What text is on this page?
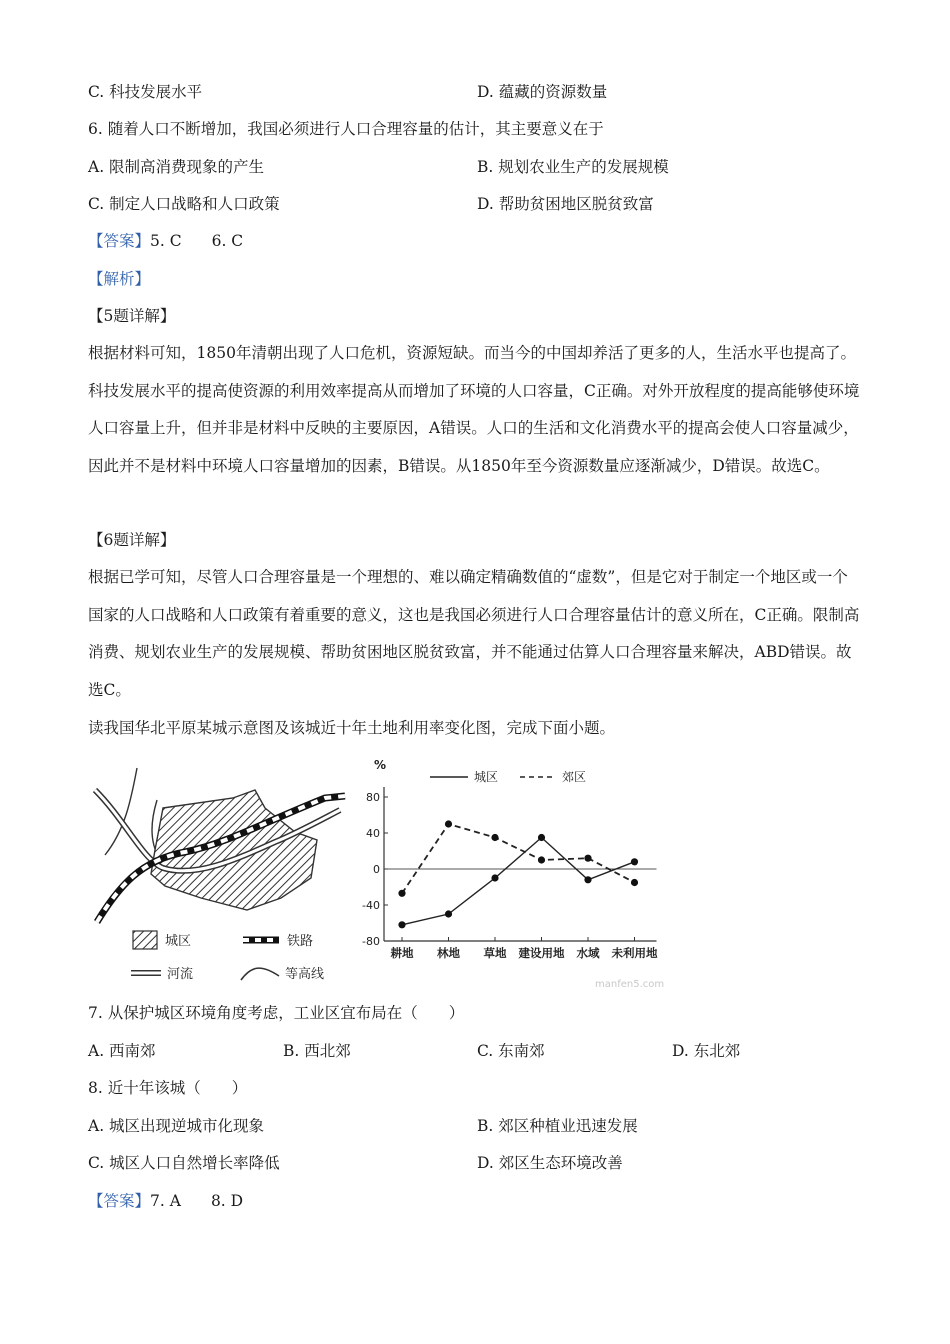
C. 科技发展水平	D. 蕴藏的资源数量
6. 随着人口不断增加，我国必须进行人口合理容量的估计，其主要意义在于
A. 限制高消费现象的产生	B. 规划农业生产的发展规模
C. 制定人口战略和人口政策	D. 帮助贫困地区脱贫致富
【答案】5. C 6. C
【解析】
【5题详解】
根据材料可知，1850年清朝出现了人口危机，资源短缺。而当今的中国却养活了更多的人，生活水平也提高了。科技发展水平的提高使资源的利用效率提高从而增加了环境的人口容量，C正确。对外开放程度的提高能够使环境人口容量上升，但并非是材料中反映的主要原因，A错误。人口的生活和文化消费水平的提高会使人口容量减少，因此并不是材料中环境人口容量增加的因素，B错误。从1850年至今资源数量应逐渐减少，D错误。故选C。
【6题详解】
根据已学可知，尽管人口合理容量是一个理想的、难以确定精确数值的“虚数”，但是它对于制定一个地区或一个国家的人口战略和人口政策有着重要的意义，这也是我国必须进行人口合理容量估计的意义所在，C正确。限制高消费、规划农业生产的发展规模、帮助贫困地区脱贫致富，并不能通过估算人口合理容量来解决，ABD错误。故选C。
读我国华北平原某城示意图及该城近十年土地利用率变化图，完成下面小题。
城区	铁路
河流	等高线
%
城区	郊区
80
40
0
-40
-80
耕地 林地 草地 建设用地 水域 未利用地
manfen5.com
7. 从保护城区环境角度考虑，工业区宜布局在（　　）
A. 西南郊	B. 西北郊	C. 东南郊	D. 东北郊
8. 近十年该城（　　）
A. 城区出现逆城市化现象	B. 郊区种植业迅速发展
C. 城区人口自然增长率降低	D. 郊区生态环境改善
【答案】7. A 8. D
